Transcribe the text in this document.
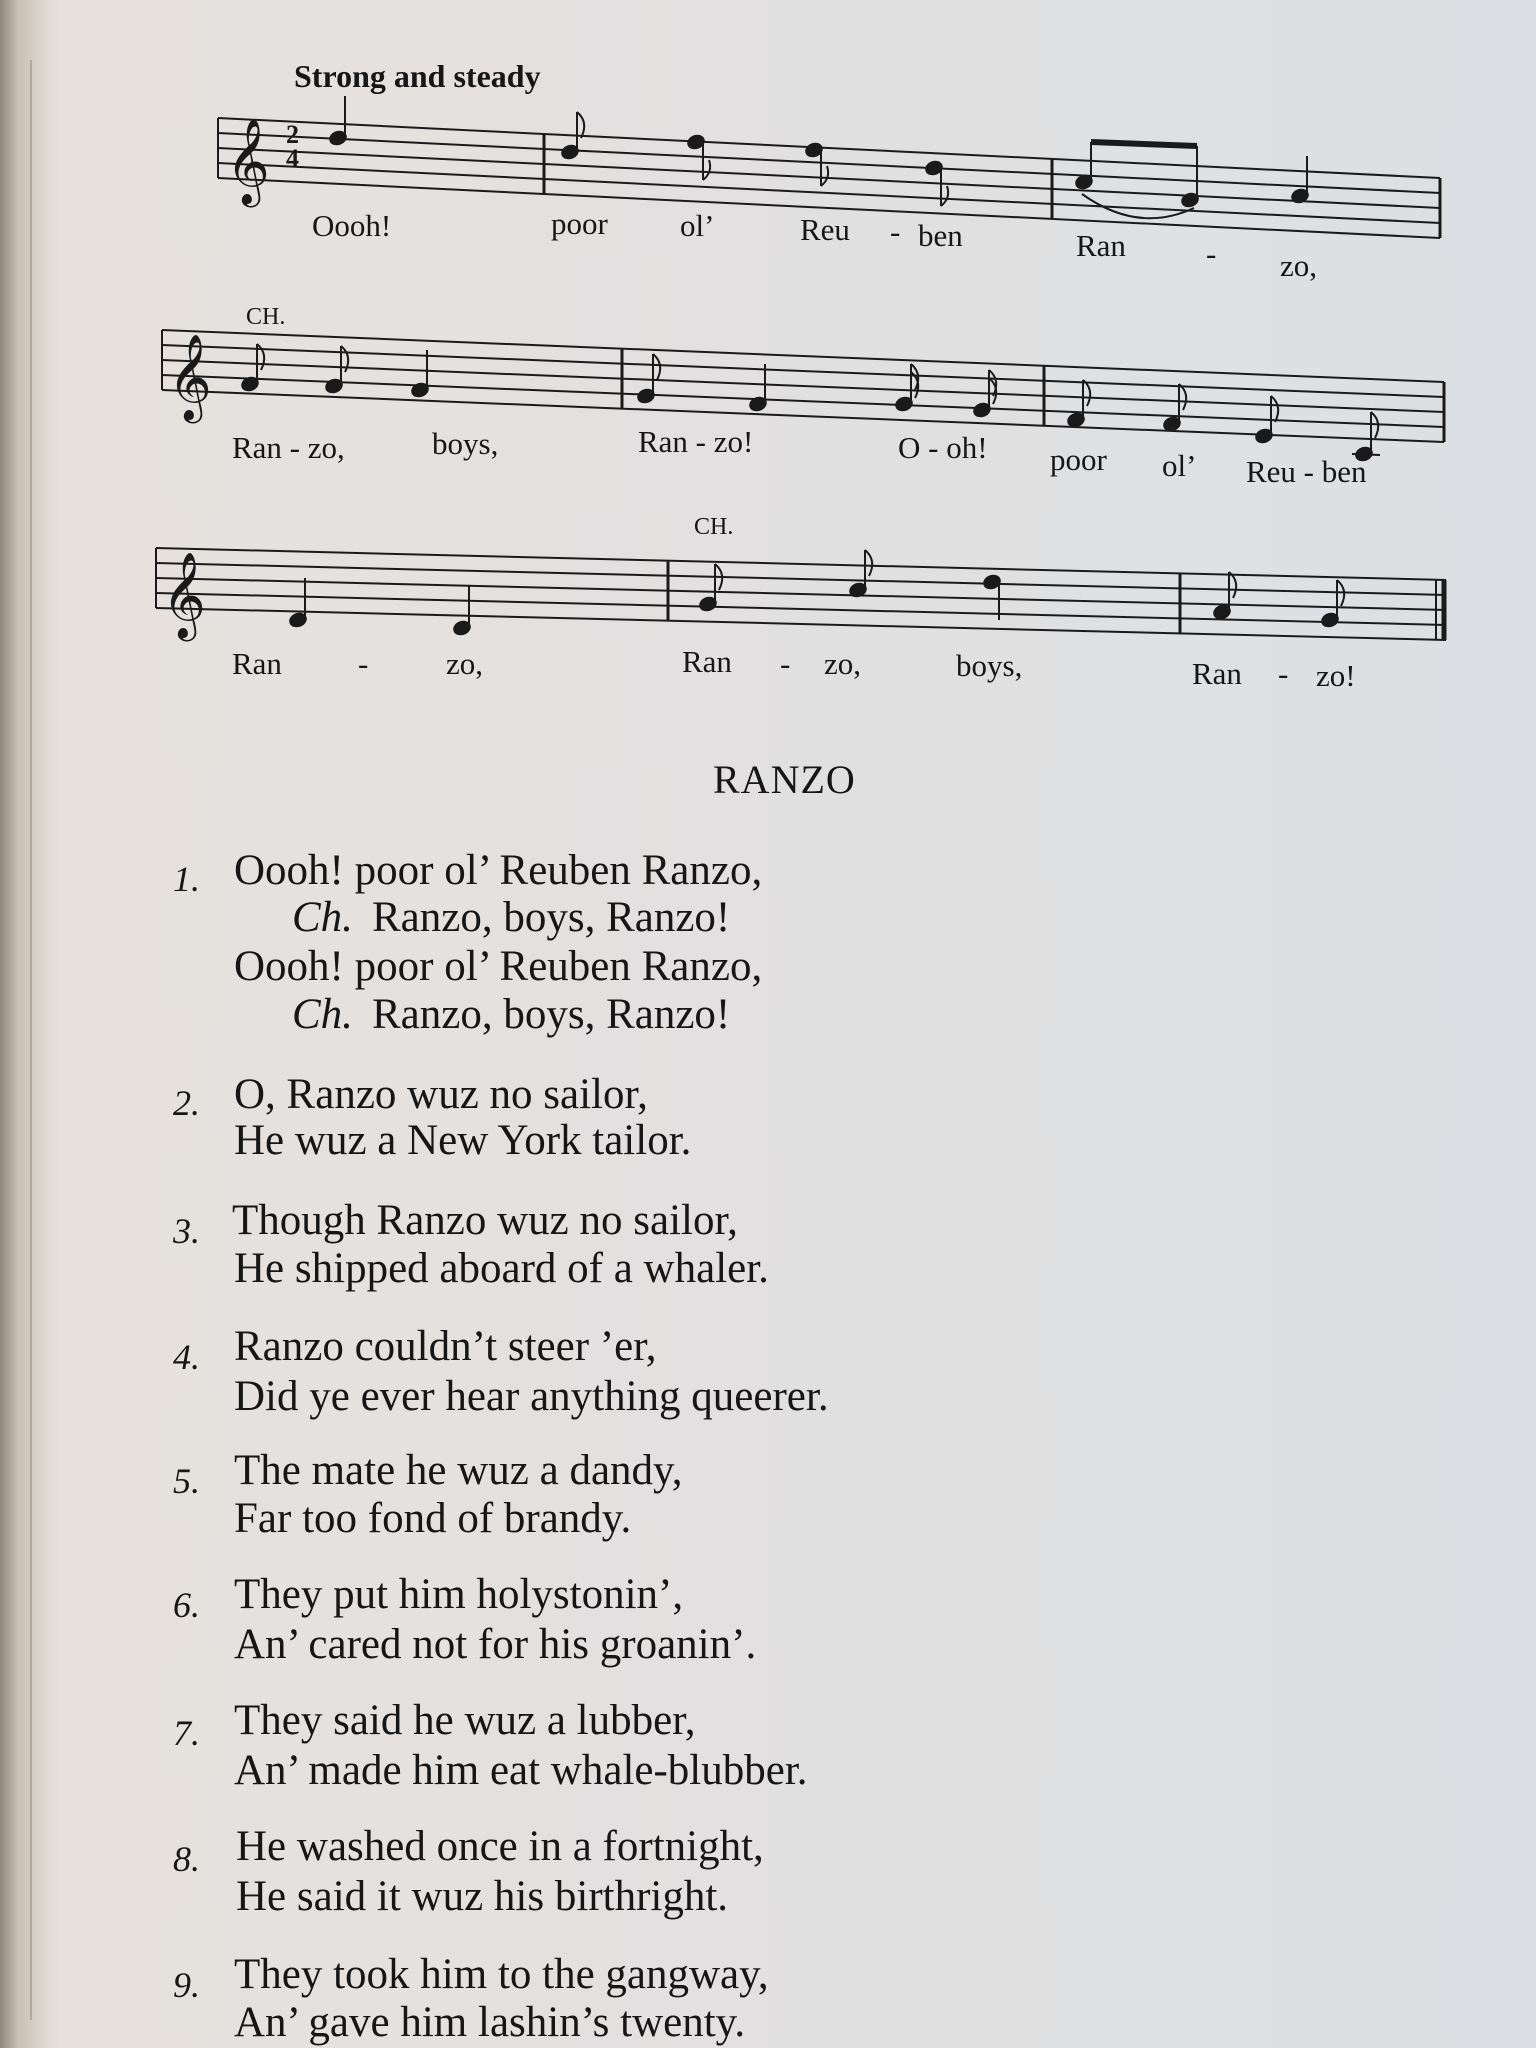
Strong and steady
𝄞 2
4
Oooh!	poor ol’	Reu - ben	Ran	- zo,
CH.
𝄞
Ran - zo,	boys,	Ran - zo!	O - oh! poor ol’ Reu - ben
CH.
𝄞
Ran -	zo,	Ran - zo,	boys,	Ran - zo!
RANZO
1. Oooh! poor ol’ Reuben Ranzo,
Ch. Ranzo, boys, Ranzo!
Oooh! poor ol’ Reuben Ranzo,
Ch. Ranzo, boys, Ranzo!
2. O, Ranzo wuz no sailor,
He wuz a New York tailor.
3. Though Ranzo wuz no sailor,
He shipped aboard of a whaler.
4. Ranzo couldn’t steer ’er,
Did ye ever hear anything queerer.
5. The mate he wuz a dandy,
Far too fond of brandy.
6. They put him holystonin’,
An’ cared not for his groanin’.
7. They said he wuz a lubber,
An’ made him eat whale-blubber.
8. He washed once in a fortnight,
He said it wuz his birthright.
9. They took him to the gangway,
An’ gave him lashin’s twenty.
